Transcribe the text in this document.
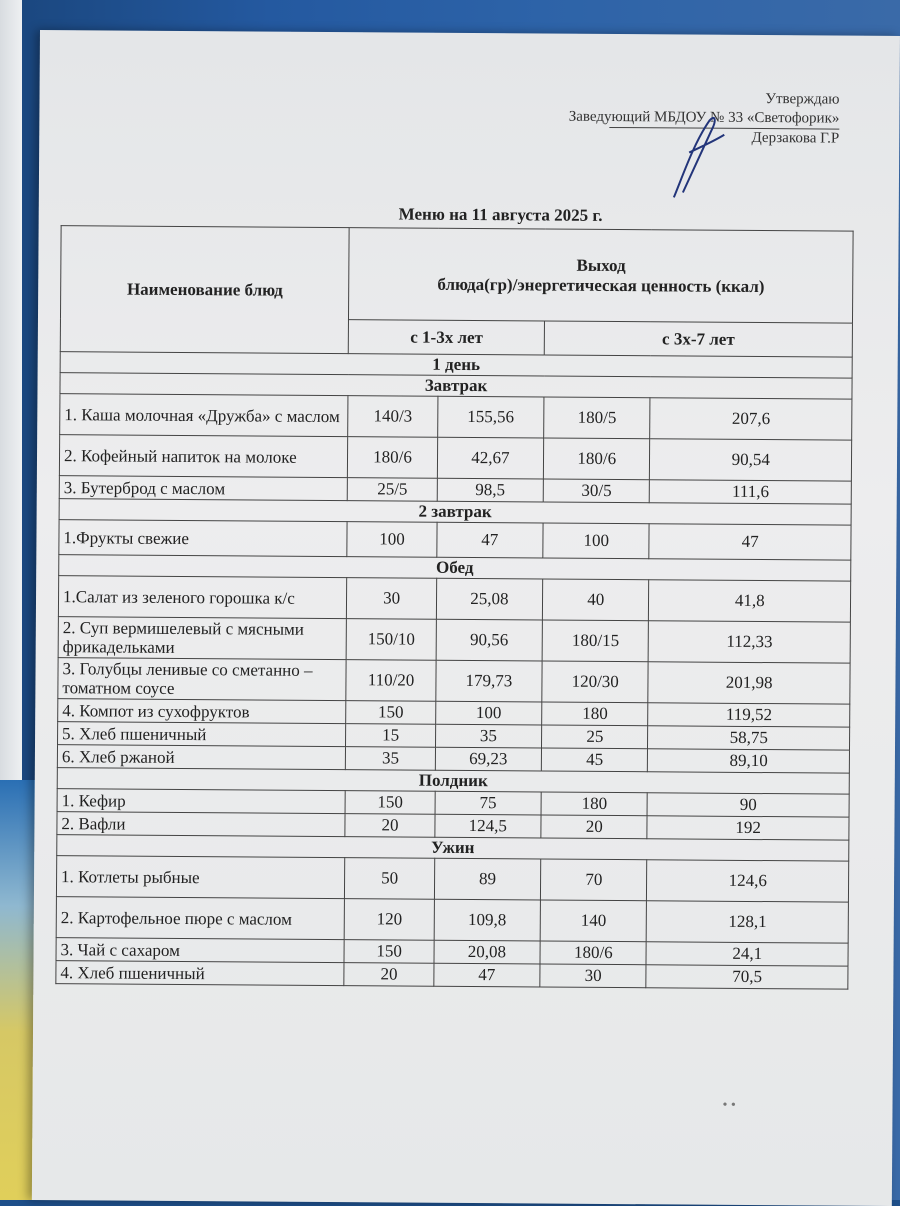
Утверждаю
Заведующий МБДОУ № 33 «Светофорик»
Дерзакова Г.Р
Меню на 11 августа 2025 г.
Наименование блюд	Выход
блюда(гр)/энергетическая ценность (ккал)			

	с 1-3х лет		с 3х-7 лет	
1 день				
Завтрак				
1. Каша молочная «Дружба» с маслом	140/3	155,56	180/5	207,6
2. Кофейный напиток на молоке	180/6	42,67	180/6	90,54
3. Бутерброд с маслом	25/5	98,5	30/5	111,6
2 завтрак				
1.Фрукты свежие	100	47	100	47
Обед				
1.Салат из зеленого горошка к/с	30	25,08	40	41,8
2. Суп вермишелевый с мясными фрикадельками	150/10	90,56	180/15	112,33
3. Голубцы ленивые со сметанно –томатном соусе	110/20	179,73	120/30	201,98
4. Компот из сухофруктов	150	100	180	119,52
5. Хлеб пшеничный	15	35	25	58,75
6. Хлеб ржаной	35	69,23	45	89,10
Полдник				
1. Кефир	150	75	180	90
2. Вафли	20	124,5	20	192
Ужин				
1. Котлеты рыбные	50	89	70	124,6
2. Картофельное пюре с маслом	120	109,8	140	128,1
3. Чай с сахаром	150	20,08	180/6	24,1
4. Хлеб пшеничный	20	47	30	70,5
• •
